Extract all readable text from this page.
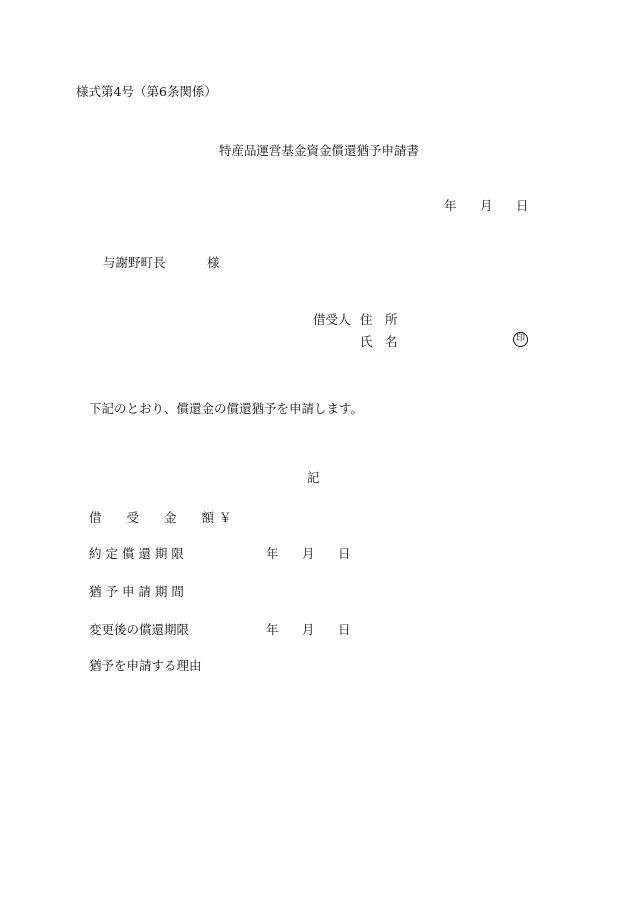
様式第4号（第6条関係）
特産品運営基金資金償還猶予申請書
年 月 日
与謝野町長	様
借受人 住　所
氏　名	印
下記のとおり、償還金の償還猶予を申請します。
記
借　　受　　金　　額 ￥
約 定 償 還 期 限	年 月 日
猶 予 申 請 期 間
変更後の償還期限	年 月 日
猶予を申請する理由
